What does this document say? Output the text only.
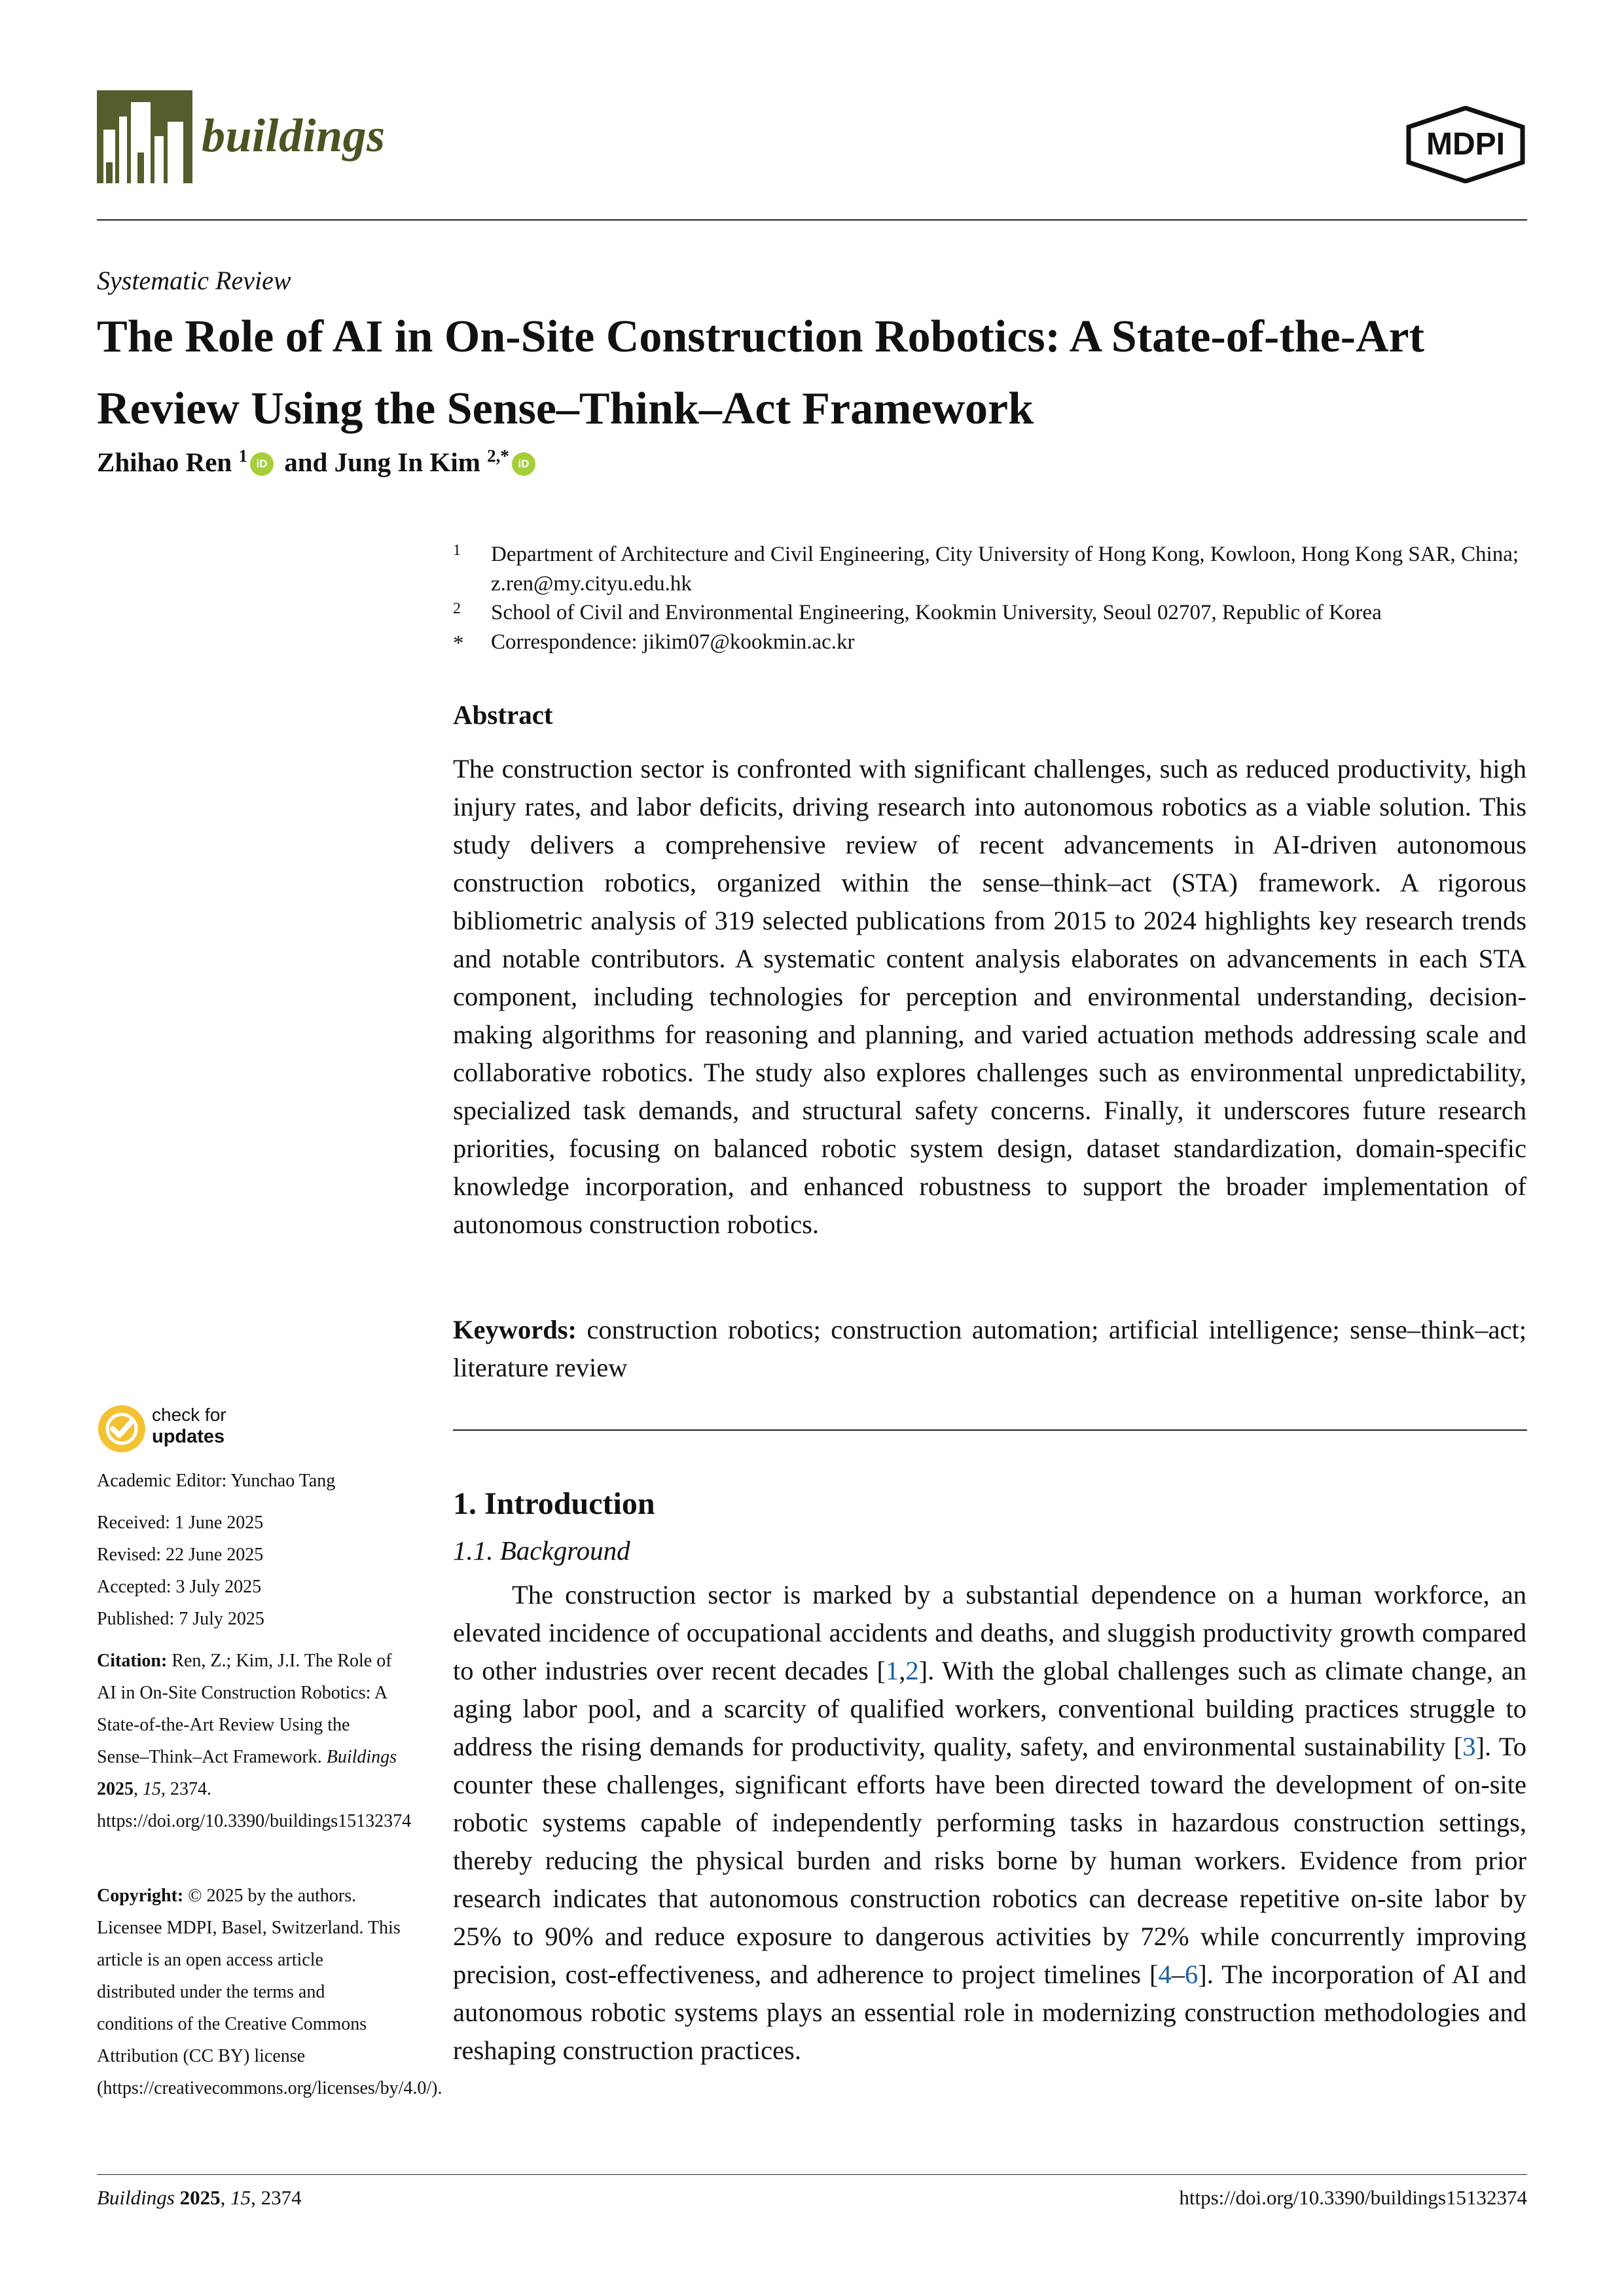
buildings	MDPI
Systematic Review
The Role of AI in On-Site Construction Robotics: A State-of-the-Art Review Using the Sense–Think–Act Framework
Zhihao Ren $^1$ iD and Jung In Kim $^{2,*}$ iD
1 Department of Architecture and Civil Engineering, City University of Hong Kong, Kowloon, Hong Kong SAR, China; z.ren@my.cityu.edu.hk
2 School of Civil and Environmental Engineering, Kookmin University, Seoul 02707, Republic of Korea
* Correspondence: jikim07@kookmin.ac.kr
Abstract
The construction sector is confronted with significant challenges, such as reduced productivity, high injury rates, and labor deficits, driving research into autonomous robotics as a viable solution. This study delivers a comprehensive review of recent advancements in AI-driven autonomous construction robotics, organized within the sense–think–act (STA) framework. A rigorous bibliometric analysis of 319 selected publications from 2015 to 2024 highlights key research trends and notable contributors. A systematic content analysis elaborates on advancements in each STA component, including technologies for perception and environmental understanding, decision-making algorithms for reasoning and planning, and varied actuation methods addressing scale and collaborative robotics. The study also explores challenges such as environmental unpredictability, specialized task demands, and structural safety concerns. Finally, it underscores future research priorities, focusing on balanced robotic system design, dataset standardization, domain-specific knowledge incorporation, and enhanced robustness to support the broader implementation of autonomous construction robotics.
Keywords: construction robotics; construction automation; artificial intelligence; sense–think–act; literature review
check for
updates
Academic Editor: Yunchao Tang
Received: 1 June 2025
Revised: 22 June 2025
Accepted: 3 July 2025
Published: 7 July 2025
Citation: Ren, Z.; Kim, J.I. The Role of AI in On-Site Construction Robotics: A State-of-the-Art Review Using the Sense–Think–Act Framework. Buildings 2025, 15, 2374. https://doi.org/10.3390/buildings15132374
Copyright: © 2025 by the authors. Licensee MDPI, Basel, Switzerland. This article is an open access article distributed under the terms and conditions of the Creative Commons Attribution (CC BY) license (https://creativecommons.org/licenses/by/4.0/).
1. Introduction
1.1. Background
The construction sector is marked by a substantial dependence on a human workforce, an elevated incidence of occupational accidents and deaths, and sluggish productivity growth compared to other industries over recent decades [1,2]. With the global challenges such as climate change, an aging labor pool, and a scarcity of qualified workers, conventional building practices struggle to address the rising demands for productivity, quality, safety, and environmental sustainability [3]. To counter these challenges, significant efforts have been directed toward the development of on-site robotic systems capable of independently performing tasks in hazardous construction settings, thereby reducing the physical burden and risks borne by human workers. Evidence from prior research indicates that autonomous construction robotics can decrease repetitive on-site labor by 25% to 90% and reduce exposure to dangerous activities by 72% while concurrently improving precision, cost-effectiveness, and adherence to project timelines [4–6]. The incorporation of AI and autonomous robotic systems plays an essential role in modernizing construction methodologies and reshaping construction practices.
Buildings 2025, 15, 2374	https://doi.org/10.3390/buildings15132374
